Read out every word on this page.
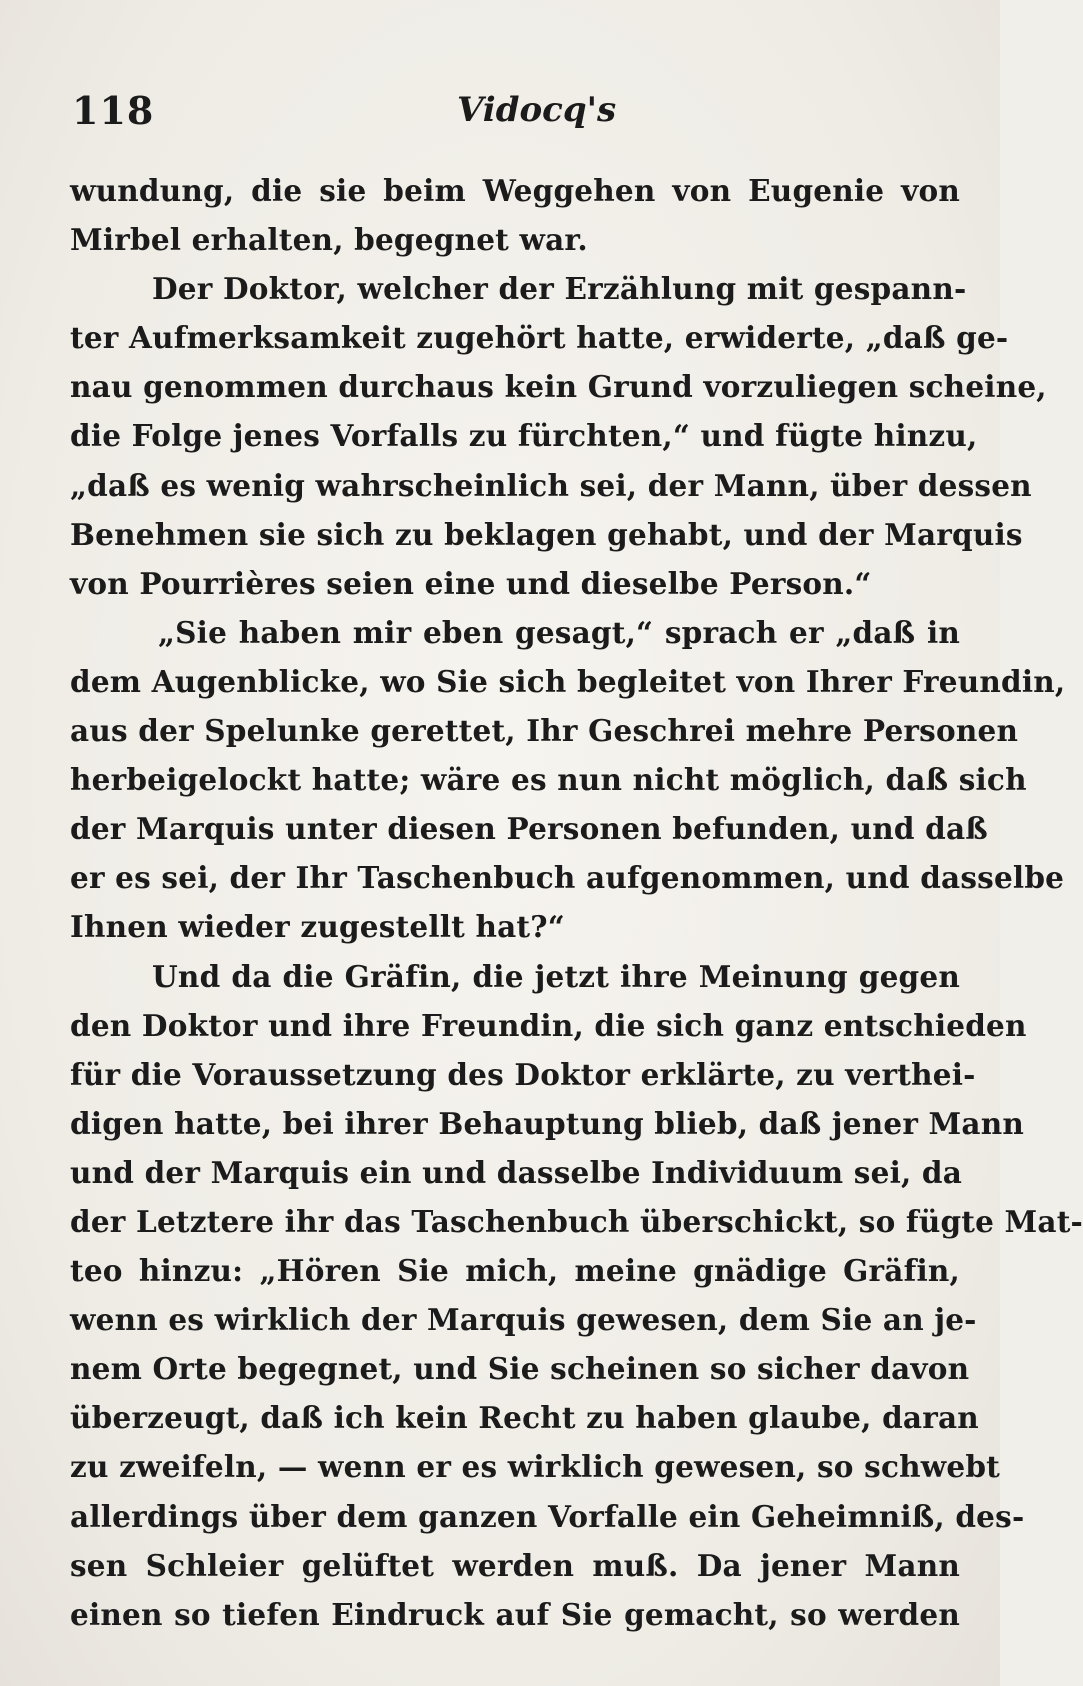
118	Vidocq's
wundung, die sie beim Weggehen von Eugenie von
Mirbel erhalten, begegnet war.
Der Doktor, welcher der Erzählung mit gespann-
ter Aufmerksamkeit zugehört hatte, erwiderte, „daß ge-
nau genommen durchaus kein Grund vorzuliegen scheine,
die Folge jenes Vorfalls zu fürchten,“ und fügte hinzu,
„daß es wenig wahrscheinlich sei, der Mann, über dessen
Benehmen sie sich zu beklagen gehabt, und der Marquis
von Pourrières seien eine und dieselbe Person.“
„Sie haben mir eben gesagt,“ sprach er „daß in
dem Augenblicke, wo Sie sich begleitet von Ihrer Freundin,
aus der Spelunke gerettet, Ihr Geschrei mehre Personen
herbeigelockt hatte; wäre es nun nicht möglich, daß sich
der Marquis unter diesen Personen befunden, und daß
er es sei, der Ihr Taschenbuch aufgenommen, und dasselbe
Ihnen wieder zugestellt hat?“
Und da die Gräfin, die jetzt ihre Meinung gegen
den Doktor und ihre Freundin, die sich ganz entschieden
für die Voraussetzung des Doktor erklärte, zu verthei-
digen hatte, bei ihrer Behauptung blieb, daß jener Mann
und der Marquis ein und dasselbe Individuum sei, da
der Letztere ihr das Taschenbuch überschickt, so fügte Mat-
teo hinzu: „Hören Sie mich, meine gnädige Gräfin,
wenn es wirklich der Marquis gewesen, dem Sie an je-
nem Orte begegnet, und Sie scheinen so sicher davon
überzeugt, daß ich kein Recht zu haben glaube, daran
zu zweifeln, — wenn er es wirklich gewesen, so schwebt
allerdings über dem ganzen Vorfalle ein Geheimniß, des-
sen Schleier gelüftet werden muß. Da jener Mann
einen so tiefen Eindruck auf Sie gemacht, so werden
